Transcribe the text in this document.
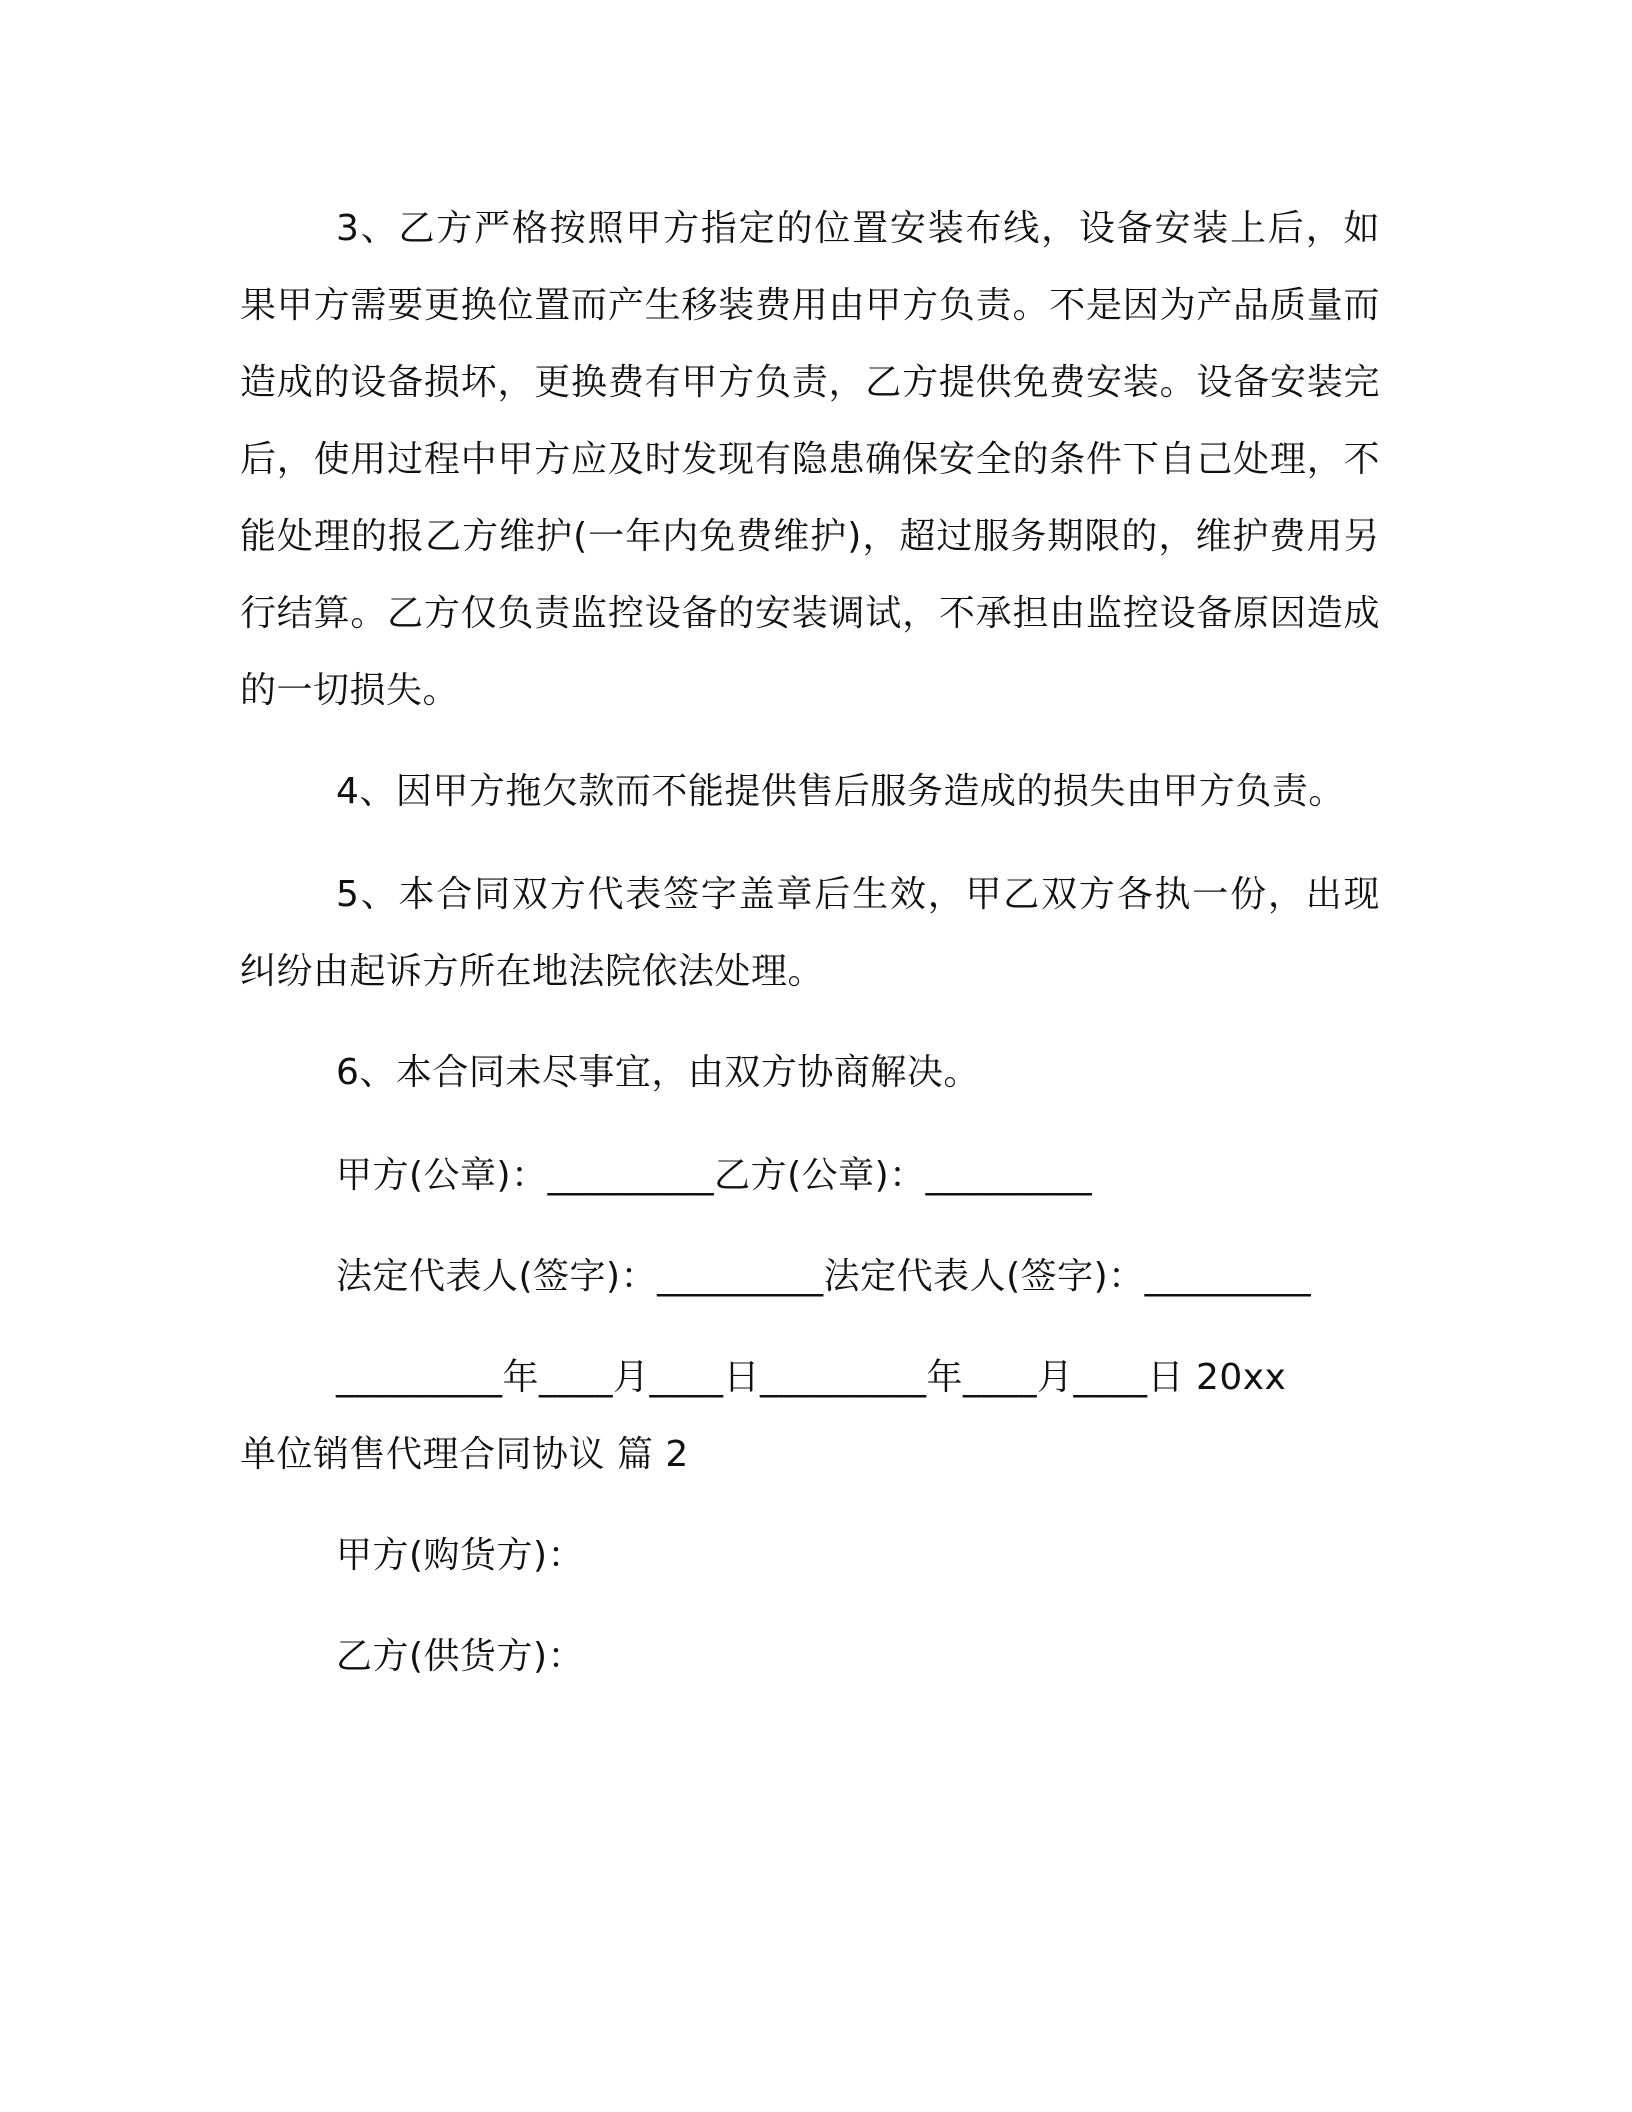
3、乙方严格按照甲方指定的位置安装布线，设备安装上后，如果甲方需要更换位置而产生移装费用由甲方负责。不是因为产品质量而造成的设备损坏，更换费有甲方负责，乙方提供免费安装。设备安装完后，使用过程中甲方应及时发现有隐患确保安全的条件下自己处理，不能处理的报乙方维护(一年内免费维护)，超过服务期限的，维护费用另行结算。乙方仅负责监控设备的安装调试，不承担由监控设备原因造成的一切损失。

4、因甲方拖欠款而不能提供售后服务造成的损失由甲方负责。

5、本合同双方代表签字盖章后生效，甲乙双方各执一份，出现纠纷由起诉方所在地法院依法处理。

6、本合同未尽事宜，由双方协商解决。

甲方(公章)：_________乙方(公章)：_________
法定代表人(签字)：_________法定代表人(签字)：_________
_________年____月____日_________年____月____日 20xx
单位销售代理合同协议 篇 2
甲方(购货方)：
乙方(供货方)：
